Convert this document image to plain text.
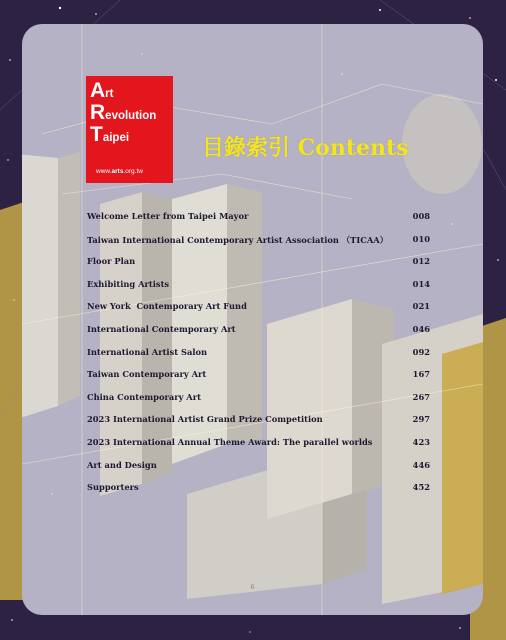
Art
Revolution
Taipei
www.arts.org.tw
目錄索引 Contents
Welcome Letter from Taipei Mayor	008
Taiwan International Contemporary Artist Association （TICAA）	010
Floor Plan	012
Exhibiting Artists	014
New York  Contemporary Art Fund	021
International Contemporary Art	046
International Artist Salon	092
Taiwan Contemporary Art	167
China Contemporary Art	267
2023 International Artist Grand Prize Competition	297
2023 International Annual Theme Award: The parallel worlds	423
Art and Design	446
Supporters	452
6
